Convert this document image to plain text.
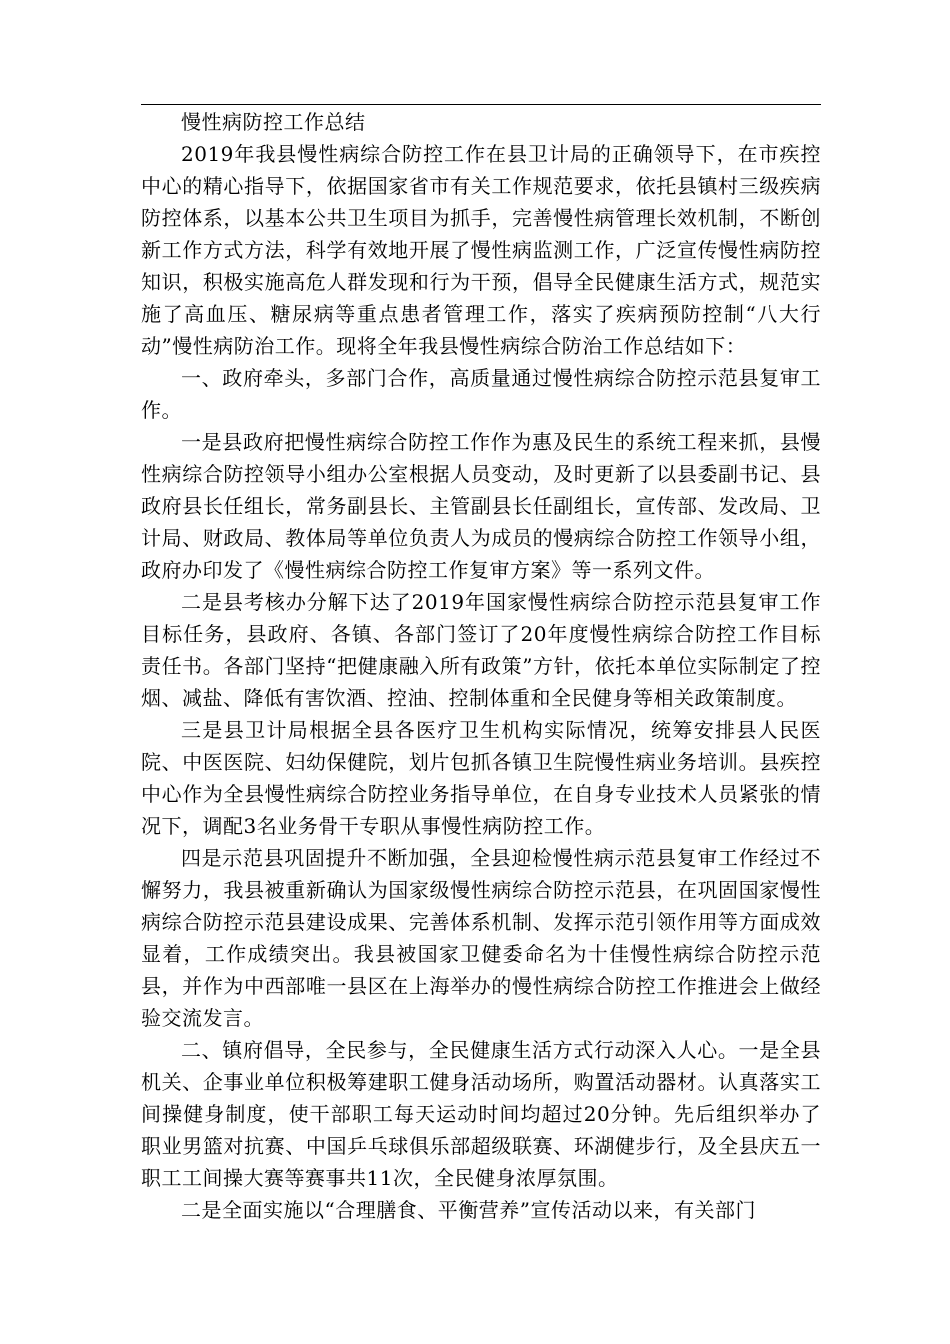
慢性病防控工作总结

2019年我县慢性病综合防控工作在县卫计局的正确领导下，在市疾控中心的精心指导下，依据国家省市有关工作规范要求，依托县镇村三级疾病防控体系，以基本公共卫生项目为抓手，完善慢性病管理长效机制，不断创新工作方式方法，科学有效地开展了慢性病监测工作，广泛宣传慢性病防控知识，积极实施高危人群发现和行为干预，倡导全民健康生活方式，规范实施了高血压、糖尿病等重点患者管理工作，落实了疾病预防控制“八大行动”慢性病防治工作。现将全年我县慢性病综合防治工作总结如下：

一、政府牵头，多部门合作，高质量通过慢性病综合防控示范县复审工作。

一是县政府把慢性病综合防控工作作为惠及民生的系统工程来抓，县慢性病综合防控领导小组办公室根据人员变动，及时更新了以县委副书记、县政府县长任组长，常务副县长、主管副县长任副组长，宣传部、发改局、卫计局、财政局、教体局等单位负责人为成员的慢病综合防控工作领导小组，政府办印发了《慢性病综合防控工作复审方案》等一系列文件。

二是县考核办分解下达了2019年国家慢性病综合防控示范县复审工作目标任务，县政府、各镇、各部门签订了20年度慢性病综合防控工作目标责任书。各部门坚持“把健康融入所有政策”方针，依托本单位实际制定了控烟、减盐、降低有害饮酒、控油、控制体重和全民健身等相关政策制度。

三是县卫计局根据全县各医疗卫生机构实际情况，统筹安排县人民医院、中医医院、妇幼保健院，划片包抓各镇卫生院慢性病业务培训。县疾控中心作为全县慢性病综合防控业务指导单位，在自身专业技术人员紧张的情况下，调配3名业务骨干专职从事慢性病防控工作。

四是示范县巩固提升不断加强，全县迎检慢性病示范县复审工作经过不懈努力，我县被重新确认为国家级慢性病综合防控示范县，在巩固国家慢性病综合防控示范县建设成果、完善体系机制、发挥示范引领作用等方面成效显着，工作成绩突出。我县被国家卫健委命名为十佳慢性病综合防控示范县，并作为中西部唯一县区在上海举办的慢性病综合防控工作推进会上做经验交流发言。

二、镇府倡导，全民参与，全民健康生活方式行动深入人心。一是全县机关、企事业单位积极筹建职工健身活动场所，购置活动器材。认真落实工间操健身制度，使干部职工每天运动时间均超过20分钟。先后组织举办了职业男篮对抗赛、中国乒乓球俱乐部超级联赛、环湖健步行，及全县庆五一职工工间操大赛等赛事共11次，全民健身浓厚氛围。

二是全面实施以“合理膳食、平衡营养”宣传活动以来，有关部门
